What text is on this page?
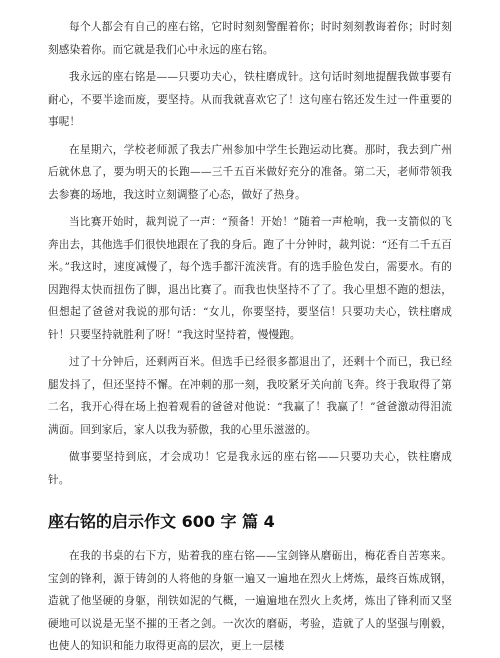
每个人都会有自己的座右铭，它时时刻刻警醒着你；时时刻刻教诲着你；时时刻刻感染着你。而它就是我们心中永远的座右铭。

我永远的座右铭是——只要功夫心，铁柱磨成针。这句话时刻地提醒我做事要有耐心，不要半途而废，要坚持。从而我就喜欢它了！这句座右铭还发生过一件重要的事呢！

在星期六，学校老师派了我去广州参加中学生长跑运动比赛。那时，我去到广州后就休息了，要为明天的长跑——三千五百米做好充分的准备。第二天，老师带领我去参赛的场地，我这时立刻调整了心态，做好了热身。

当比赛开始时，裁判说了一声：“预备！开始！”随着一声枪响，我一支箭似的飞奔出去，其他选手们很快地跟在了我的身后。跑了十分钟时，裁判说：“还有二千五百米。”我这时，速度减慢了，每个选手都汗流浃背。有的选手脸色发白，需要水。有的因跑得太快而扭伤了脚，退出比赛了。而我也快坚持不了了。我心里想不跑的想法，但想起了爸爸对我说的那句话：“女儿，你要坚持，要坚信！只要功夫心，铁柱磨成针！只要坚持就胜利了呀！”我这时坚持着，慢慢跑。

过了十分钟后，还剩两百米。但选手已经很多都退出了，还剩十个而已，我已经腿发抖了，但还坚持不懈。在冲刺的那一刻，我咬紧牙关向前飞奔。终于我取得了第二名，我开心得在场上抱着观看的爸爸对他说：“我赢了！我赢了！”爸爸激动得泪流满面。回到家后，家人以我为骄傲，我的心里乐滋滋的。

做事要坚持到底，才会成功！它是我永远的座右铭——只要功夫心，铁柱磨成针。

座右铭的启示作文 600 字 篇 4

在我的书桌的右下方，贴着我的座右铭——宝剑锋从磨砺出，梅花香自苦寒来。宝剑的锋利，源于铸剑的人将他的身躯一遍又一遍地在烈火上烤炼，最终百炼成钢，造就了他坚硬的身躯，削铁如泥的气概，一遍遍地在烈火上炙烤，炼出了锋利而又坚硬地可以说是无坚不摧的王者之剑。一次次的磨砺，考验，造就了人的坚强与刚毅，也使人的知识和能力取得更高的层次，更上一层楼
